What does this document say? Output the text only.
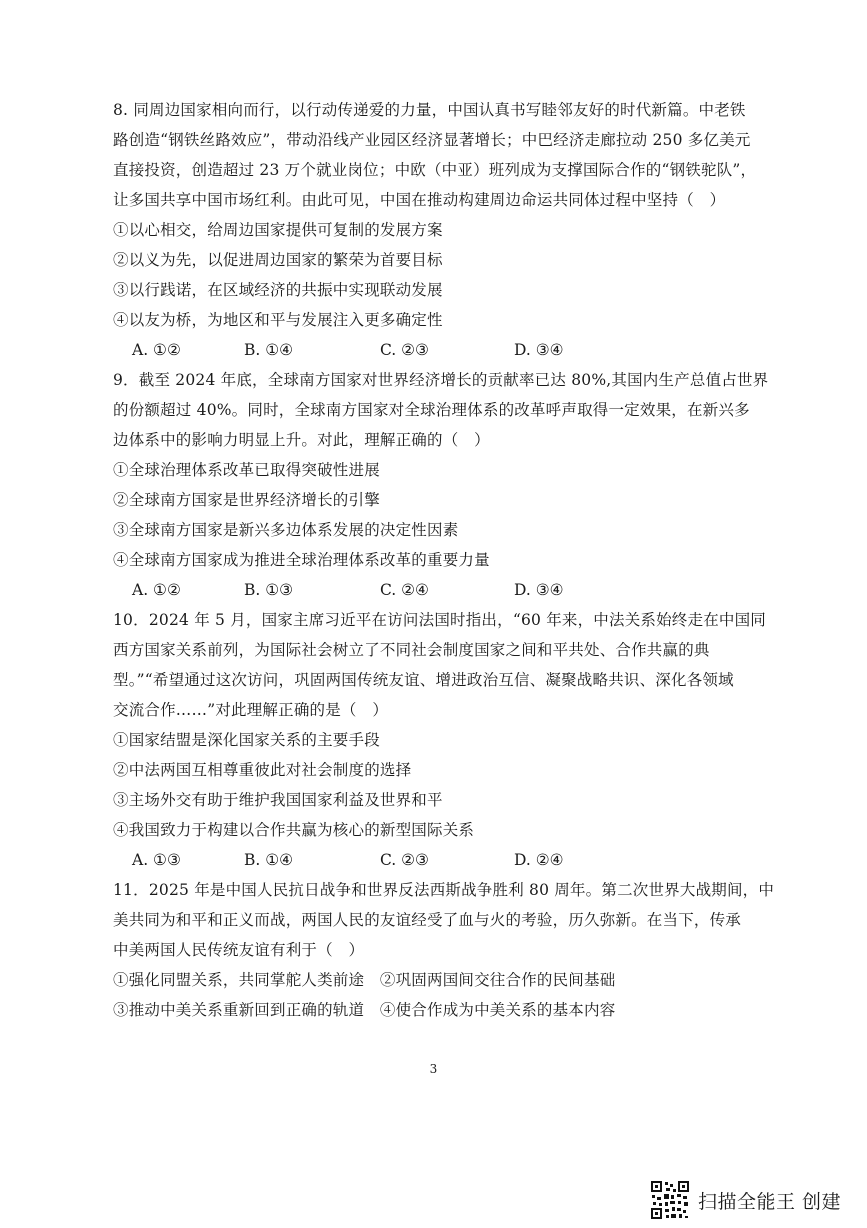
8. 同周边国家相向而行，以行动传递爱的力量，中国认真书写睦邻友好的时代新篇。中老铁
路创造“钢铁丝路效应”，带动沿线产业园区经济显著增长；中巴经济走廊拉动 250 多亿美元
直接投资，创造超过 23 万个就业岗位；中欧（中亚）班列成为支撑国际合作的“钢铁驼队”，
让多国共享中国市场红利。由此可见，中国在推动构建周边命运共同体过程中坚持（　）
①以心相交，给周边国家提供可复制的发展方案
②以义为先，以促进周边国家的繁荣为首要目标
③以行践诺，在区域经济的共振中实现联动发展
④以友为桥，为地区和平与发展注入更多确定性
A. ①②	B. ①④	C. ②③	D. ③④
9．截至 2024 年底，全球南方国家对世界经济增长的贡献率已达 80%,其国内生产总值占世界
的份额超过 40%。同时，全球南方国家对全球治理体系的改革呼声取得一定效果，在新兴多
边体系中的影响力明显上升。对此，理解正确的（　）
①全球治理体系改革已取得突破性进展
②全球南方国家是世界经济增长的引擎
③全球南方国家是新兴多边体系发展的决定性因素
④全球南方国家成为推进全球治理体系改革的重要力量
A. ①②	B. ①③	C. ②④	D. ③④
10．2024 年 5 月，国家主席习近平在访问法国时指出，“60 年来，中法关系始终走在中国同
西方国家关系前列，为国际社会树立了不同社会制度国家之间和平共处、合作共赢的典
型。”“希望通过这次访问，巩固两国传统友谊、增进政治互信、凝聚战略共识、深化各领域
交流合作……”对此理解正确的是（　）
①国家结盟是深化国家关系的主要手段
②中法两国互相尊重彼此对社会制度的选择
③主场外交有助于维护我国国家利益及世界和平
④我国致力于构建以合作共赢为核心的新型国际关系
A. ①③	B. ①④	C. ②③	D. ②④
11．2025 年是中国人民抗日战争和世界反法西斯战争胜利 80 周年。第二次世界大战期间，中
美共同为和平和正义而战，两国人民的友谊经受了血与火的考验，历久弥新。在当下，传承
中美两国人民传统友谊有利于（　）
①强化同盟关系，共同掌舵人类前途　②巩固两国间交往合作的民间基础
③推动中美关系重新回到正确的轨道　④使合作成为中美关系的基本内容
3
扫描全能王 创建
